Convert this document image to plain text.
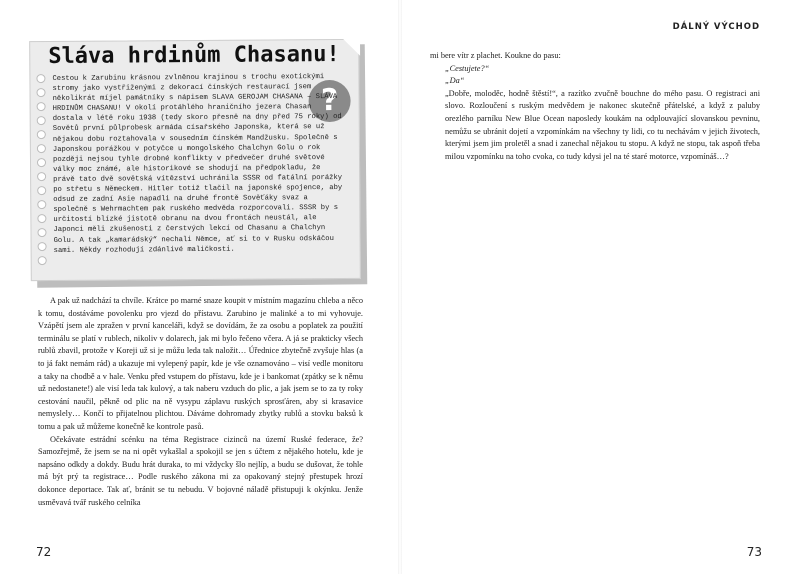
Sláva hrdinům Chasanu!
?

Cestou k Zarubinu krásnou zvlněnou krajinou s trochu exotickými stromy jako vystřiženými z dekorací čínských restaurací jsem několikrát míjel památníky s nápisem SLAVA GEROJAM CHASANA – SLÁVA HRDINŮM CHASANU! V okolí protáhlého hraničního jezera Chasan dostala v létě roku 1938 (tedy skoro přesně na dny před 75 roky) od Sovětů první půlprobesk armáda císařského Japonska, která se už nějakou dobu roztahovala v sousedním čínském Mandžusku. Společně s Japonskou porážkou v potyčce u mongolského Chalchyn Golu o rok později nejsou tyhle drobné konflikty v předvečer druhé světové války moc známé, ale historikové se shodují na předpokladu, že právě tato dvě sovětská vítězství uchránila SSSR od fatální porážky po střetu s Německem. Hitler totiž tlačil na japonské spojence, aby odsud ze zadní Asie napadli na druhé frontě Sověťáky svaz a společně s Wehrmachtem pak ruského medvěda rozporcovali. SSSR by s určitostí blízké jistotě obranu na dvou frontách neustál, ale Japonci měli zkušenosti z čerstvých lekcí od Chasanu a Chalchyn Golu. A tak „kamarádský“ nechali Němce, ať si to v Rusku odskáčou sami. Někdy rozhodují zdánlivé maličkosti.

A pak už nadchází ta chvíle. Krátce po marné snaze koupit v místním magazínu chleba a něco k tomu, dostáváme povolenku pro vjezd do přístavu. Zarubino je malinké a to mi vyhovuje. Vzápětí jsem ale zpražen v první kanceláři, když se dovídám, že za osobu a poplatek za použití terminálu se platí v rublech, nikoliv v dolarech, jak mi bylo řečeno včera. A já se prakticky všech rublů zbavil, protože v Koreji už si je můžu leda tak naložit… Úřednice zbytečně zvyšuje hlas (a to já fakt nemám rád) a ukazuje mi vylepený papír, kde je vše oznamováno – visí vedle monitoru a taky na chodbě a v hale. Venku před vstupem do přístavu, kde je i bankomat (zpátky se k němu už nedostanete!) ale visí leda tak kulový, a tak naberu vzduch do plic, a jak jsem se to za ty roky cestování naučil, pěkně od plic na ně vysypu záplavu ruských sprosťáren, aby si krasavice nemyslely… Končí to přijatelnou plichtou. Dáváme dohromady zbytky rublů a stovku baksů k tomu a pak už můžeme konečně ke kontrole pasů.

Očekávate estrádní scénku na téma Registrace cizinců na území Ruské federace, že? Samozřejmě, že jsem se na ni opět vykašlal a spokojil se jen s účtem z nějakého hotelu, kde je napsáno odkdy a dokdy. Budu hrát duraka, to mi vždycky šlo nejlíp, a budu se dušovat, že tohle má být prý ta registrace… Podle ruského zákona mi za opakovaný stejný přestupek hrozí dokonce deportace. Tak ať, bránit se tu nebudu. V bojovné náladě přistupuji k okýnku. Jenže usměvavá tvář ruského celníka

72
DÁLNÝ VÝCHOD

mi bere vítr z plachet. Koukne do pasu:

„Cestujete?“

„Da“

„Dobře, moloděc, hodně štěstí!“, a razítko zvučně bouchne do mého pasu. O registraci ani slovo. Rozloučení s ruským medvědem je nakonec skutečně přátelské, a když z paluby orezlého parníku New Blue Ocean naposledy koukám na odplouvající slovanskou pevninu, nemůžu se ubránit dojetí a vzpomínkám na všechny ty lidi, co tu nechávám v jejich životech, kterými jsem jim proletěl a snad i zanechal nějakou tu stopu. A když ne stopu, tak aspoň třeba milou vzpomínku na toho cvoka, co tudy kdysi jel na té staré motorce, vzpomínáš…?

73
